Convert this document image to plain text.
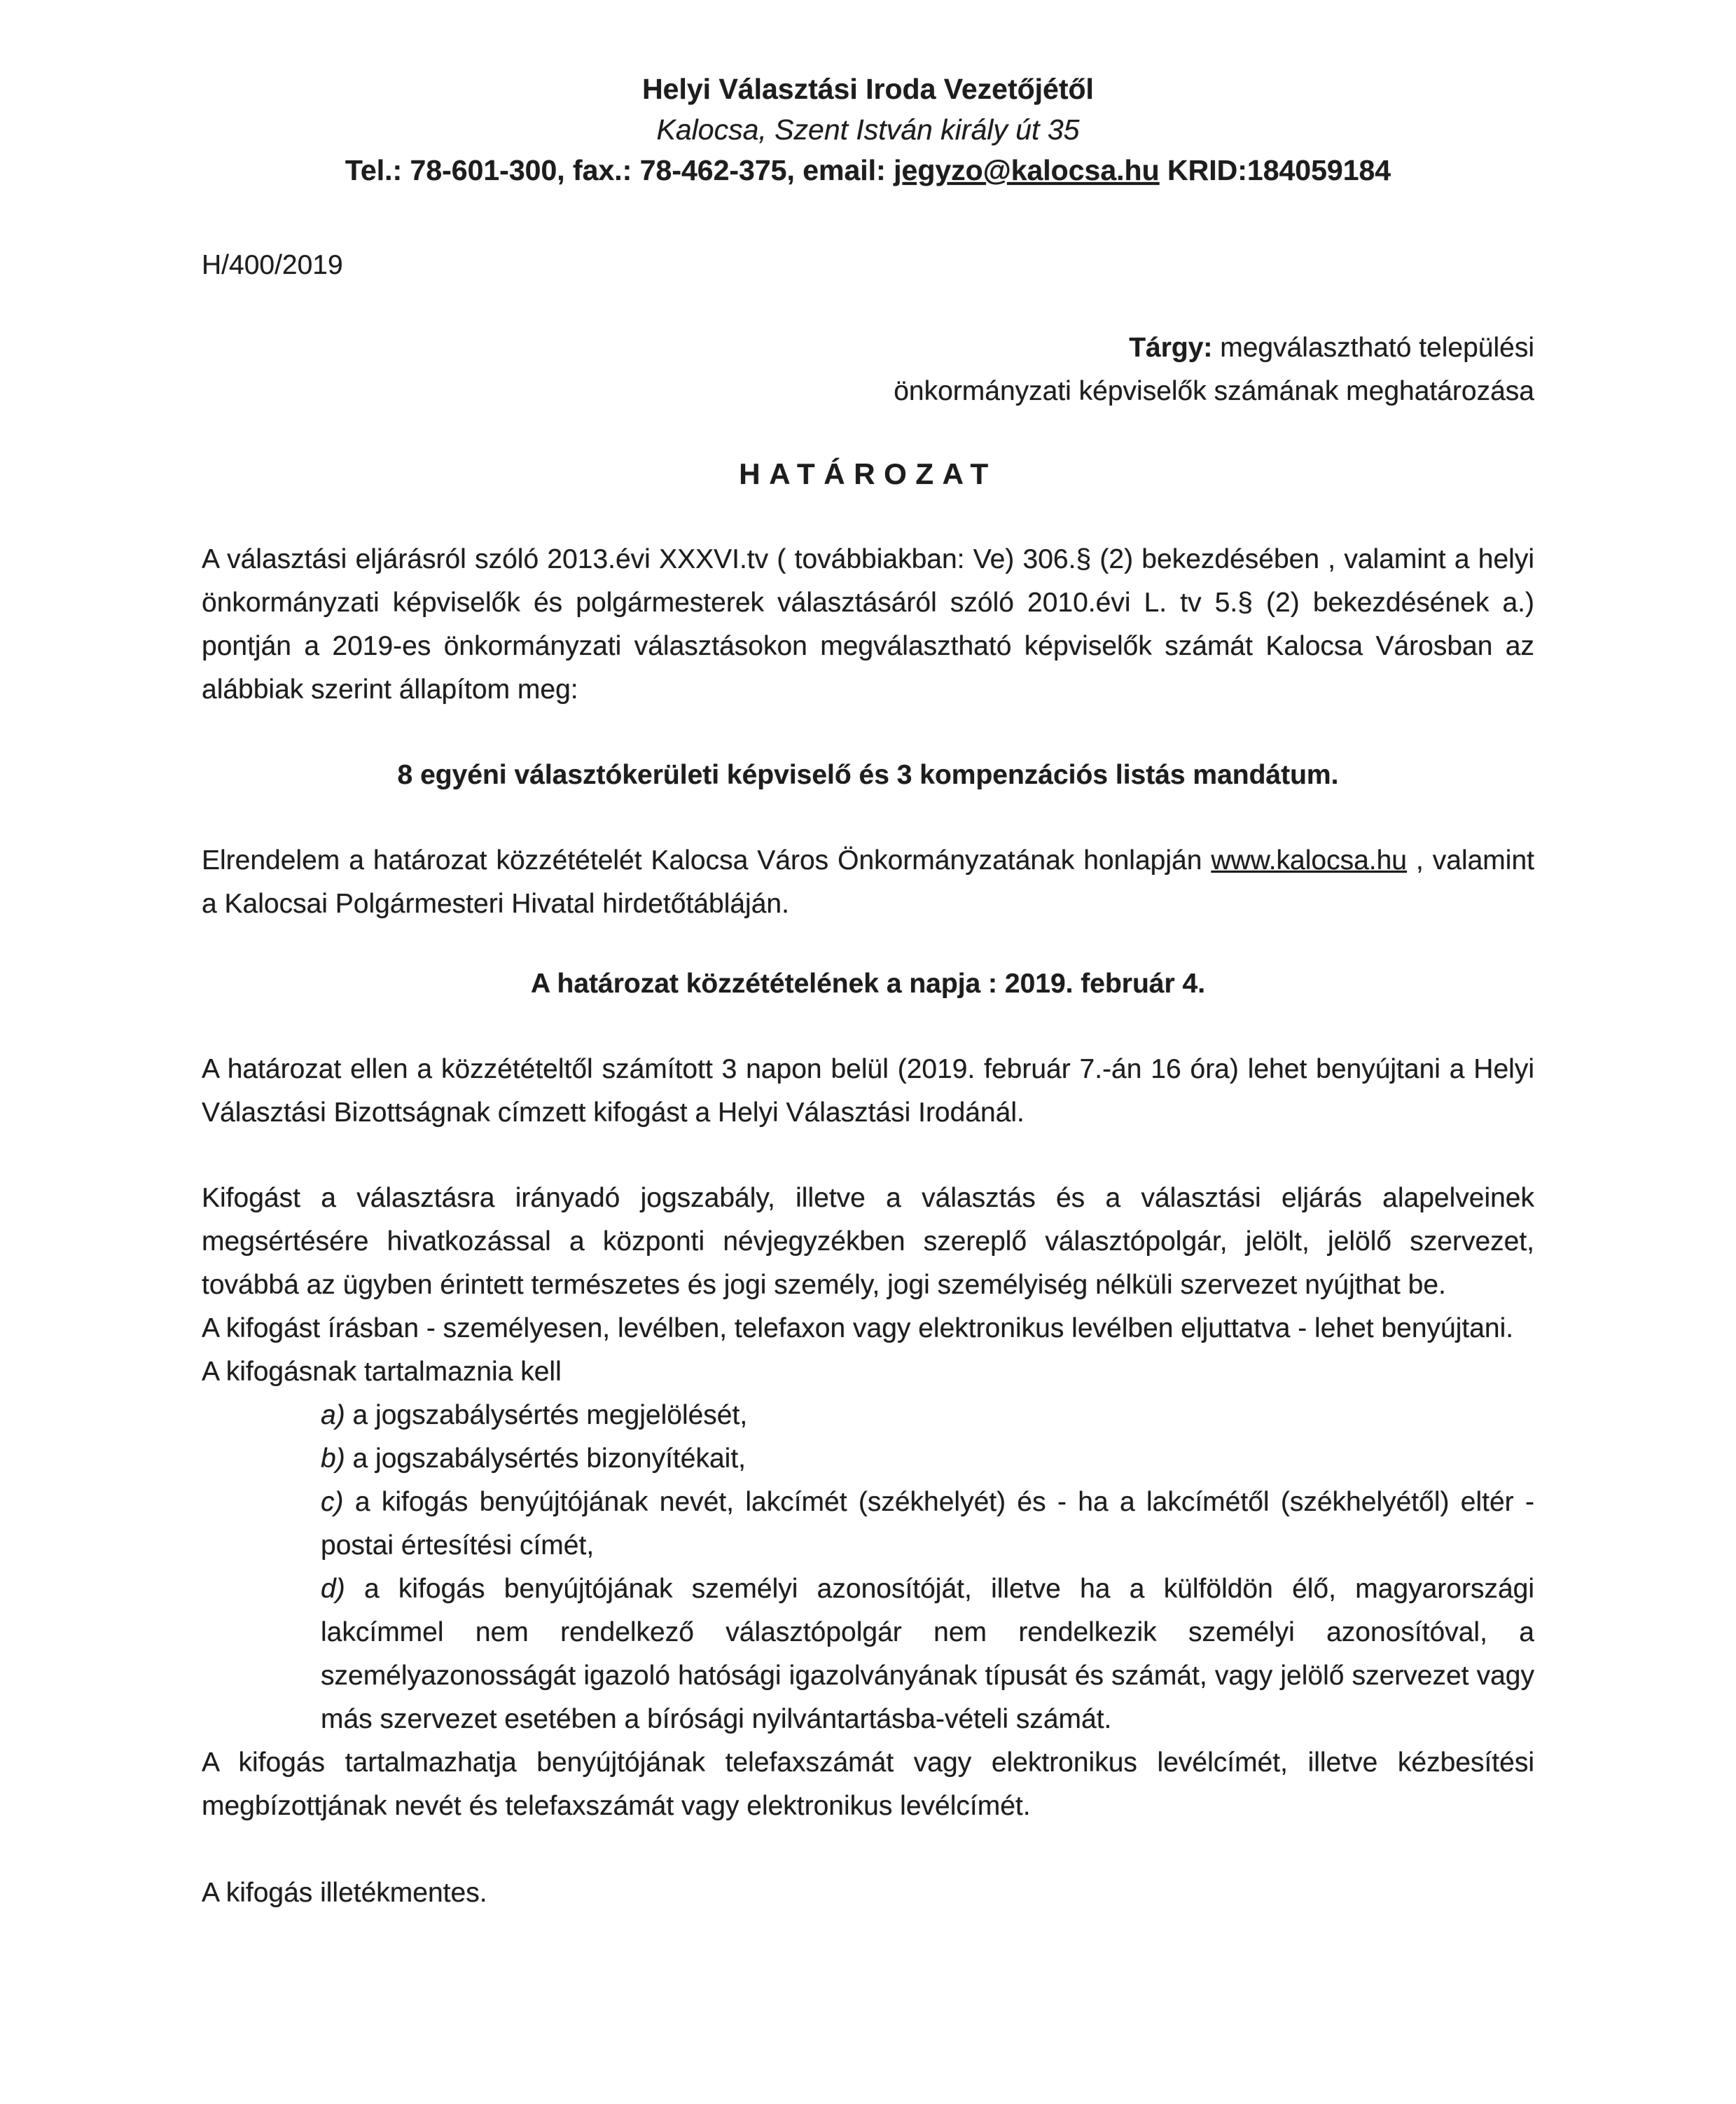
Helyi Választási Iroda Vezetőjétől
Kalocsa, Szent István király út 35
Tel.: 78-601-300, fax.: 78-462-375, email: jegyzo@kalocsa.hu KRID:184059184
H/400/2019
Tárgy: megválasztható települési
önkormányzati képviselők számának meghatározása
HATÁROZAT
A választási eljárásról szóló 2013.évi XXXVI.tv ( továbbiakban: Ve) 306.§ (2) bekezdésében , valamint a helyi önkormányzati képviselők és polgármesterek választásáról szóló 2010.évi L. tv 5.§ (2) bekezdésének a.) pontján a 2019-es önkormányzati választásokon megválasztható képviselők számát Kalocsa Városban az alábbiak szerint állapítom meg:
8 egyéni választókerületi képviselő és 3 kompenzációs listás mandátum.
Elrendelem a határozat közzétételét Kalocsa Város Önkormányzatának honlapján www.kalocsa.hu , valamint a Kalocsai Polgármesteri Hivatal hirdetőtábláján.
A határozat közzétételének a napja : 2019. február 4.
A határozat ellen a közzétételtől számított 3 napon belül (2019. február 7.-án 16 óra) lehet benyújtani a Helyi Választási Bizottságnak címzett kifogást a Helyi Választási Irodánál.
Kifogást a választásra irányadó jogszabály, illetve a választás és a választási eljárás alapelveinek megsértésére hivatkozással a központi névjegyzékben szereplő választópolgár, jelölt, jelölő szervezet, továbbá az ügyben érintett természetes és jogi személy, jogi személyiség nélküli szervezet nyújthat be.
A kifogást írásban - személyesen, levélben, telefaxon vagy elektronikus levélben eljuttatva - lehet benyújtani.
A kifogásnak tartalmaznia kell
a) a jogszabálysértés megjelölését,
b) a jogszabálysértés bizonyítékait,
c) a kifogás benyújtójának nevét, lakcímét (székhelyét) és - ha a lakcímétől (székhelyétől) eltér - postai értesítési címét,
d) a kifogás benyújtójának személyi azonosítóját, illetve ha a külföldön élő, magyarországi lakcímmel nem rendelkező választópolgár nem rendelkezik személyi azonosítóval, a személyazonosságát igazoló hatósági igazolványának típusát és számát, vagy jelölő szervezet vagy más szervezet esetében a bírósági nyilvántartásba-vételi számát.
A kifogás tartalmazhatja benyújtójának telefaxszámát vagy elektronikus levélcímét, illetve kézbesítési megbízottjának nevét és telefaxszámát vagy elektronikus levélcímét.
A kifogás illetékmentes.
